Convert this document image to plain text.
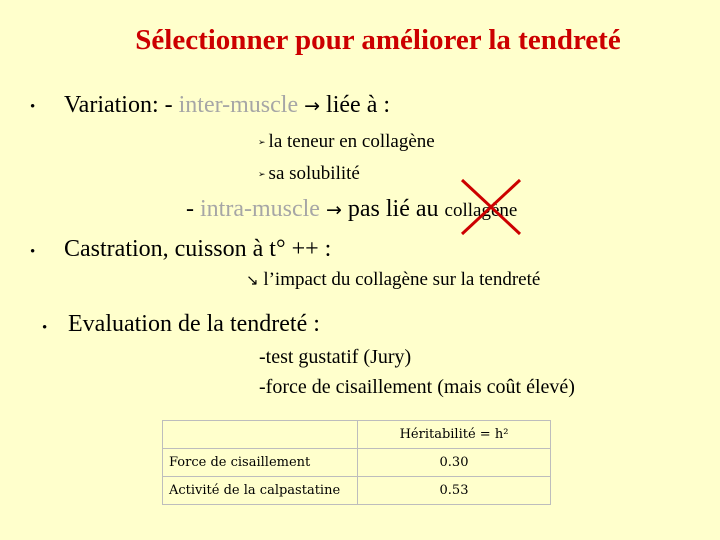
Sélectionner pour améliorer la tendreté
• Variation: - inter-muscle → liée à :
➢ la teneur en collagène
➢ sa solubilité
- intra-muscle → pas lié au collagène
• Castration, cuisson à t° ++ :
↘ l’impact du collagène sur la tendreté
• Evaluation de la tendreté :
-test gustatif (Jury)
-force de cisaillement (mais coût élevé)
	Héritabilité = h²
Force de cisaillement	0.30
Activité de la calpastatine	0.53
